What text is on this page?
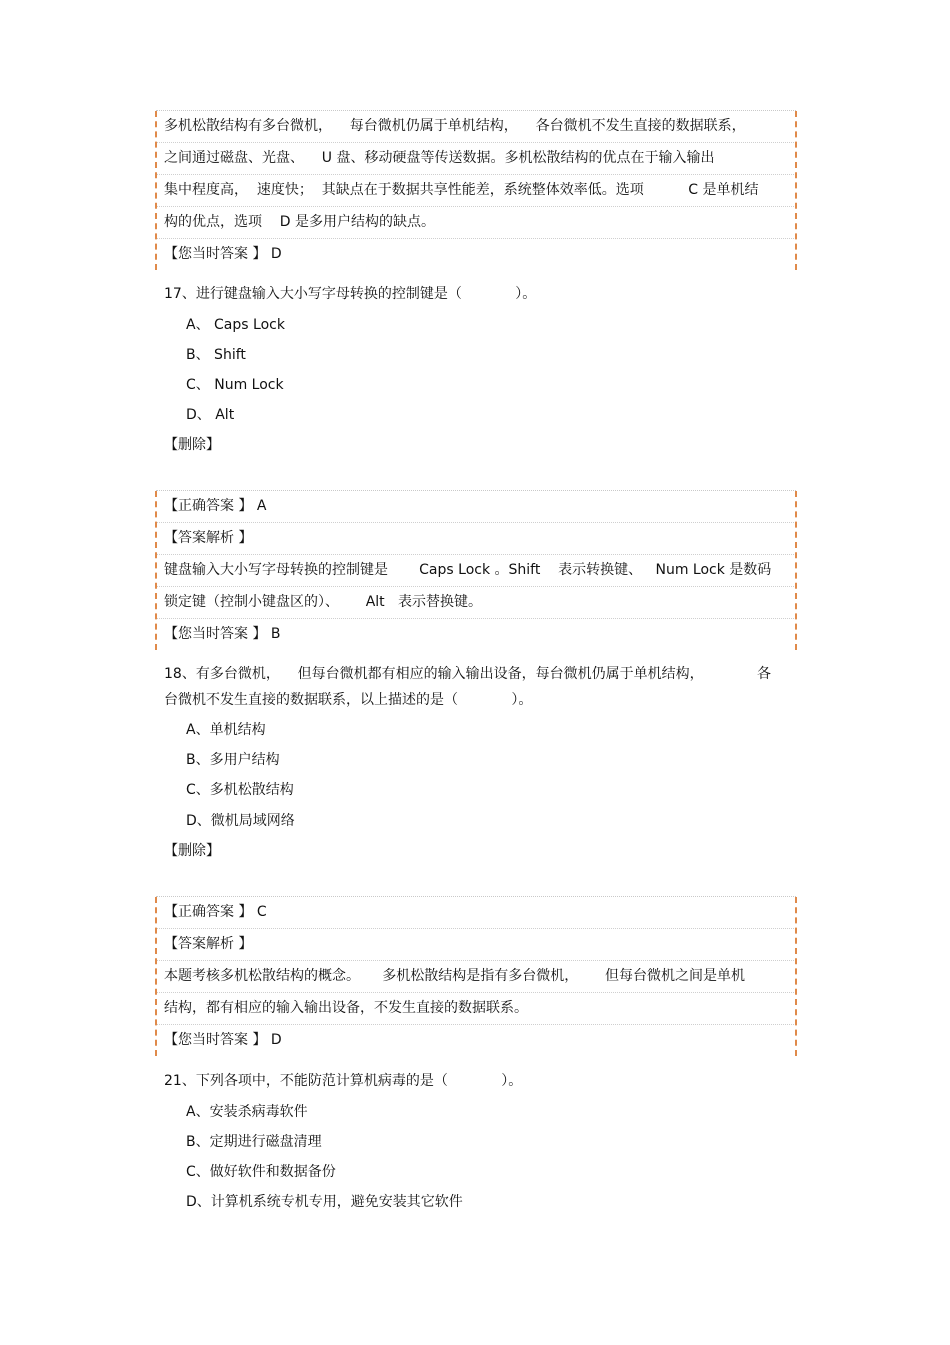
多机松散结构有多台微机，    每台微机仍属于单机结构，    各台微机不发生直接的数据联系，
之间通过磁盘、光盘、    U 盘、移动硬盘等传送数据。多机松散结构的优点在于输入输出
集中程度高，  速度快；  其缺点在于数据共享性能差，系统整体效率低。选项          C 是单机结
构的优点，选项    D 是多用户结构的缺点。
【您当时答案 】 D
17、进行键盘输入大小写字母转换的控制键是（            ）。
A、 Caps Lock
B、 Shift
C、 Num Lock
D、 Alt
【删除】
【正确答案 】 A
【答案解析 】
键盘输入大小写字母转换的控制键是       Caps Lock 。Shift    表示转换键、   Num Lock 是数码
锁定键（控制小键盘区的）、      Alt   表示替换键。
【您当时答案 】 B
18、有多台微机，    但每台微机都有相应的输入输出设备，每台微机仍属于单机结构，            各
台微机不发生直接的数据联系，以上描述的是（            ）。
A、单机结构
B、多用户结构
C、多机松散结构
D、微机局域网络
【删除】
【正确答案 】 C
【答案解析 】
本题考核多机松散结构的概念。     多机松散结构是指有多台微机，      但每台微机之间是单机
结构，都有相应的输入输出设备，不发生直接的数据联系。
【您当时答案 】 D
21、下列各项中，不能防范计算机病毒的是（            ）。
A、安装杀病毒软件
B、定期进行磁盘清理
C、做好软件和数据备份
D、计算机系统专机专用，避免安装其它软件
